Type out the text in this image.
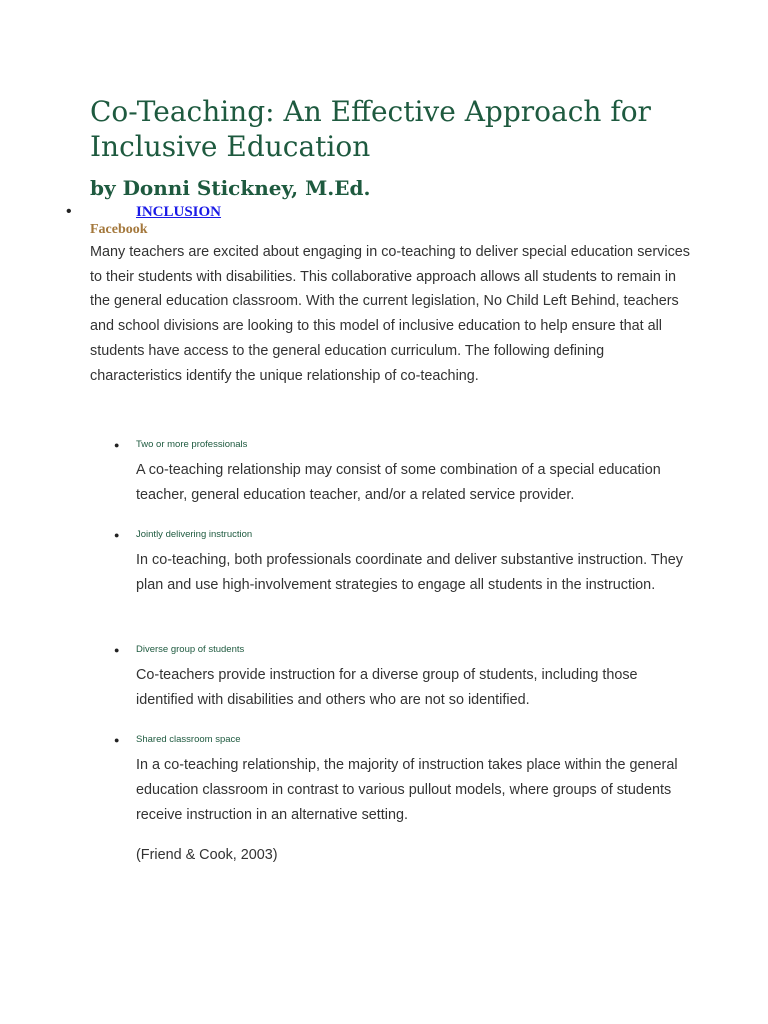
Co-Teaching: An Effective Approach for Inclusive Education
by Donni Stickney, M.Ed.
•	INCLUSION
Facebook

Many teachers are excited about engaging in co-teaching to deliver special education services to their students with disabilities. This collaborative approach allows all students to remain in the general education classroom. With the current legislation, No Child Left Behind, teachers and school divisions are looking to this model of inclusive education to help ensure that all students have access to the general education curriculum. The following defining characteristics identify the unique relationship of co-teaching.

● Two or more professionals

A co-teaching relationship may consist of some combination of a special education teacher, general education teacher, and/or a related service provider.

● Jointly delivering instruction

In co-teaching, both professionals coordinate and deliver substantive instruction. They plan and use high-involvement strategies to engage all students in the instruction.

● Diverse group of students

Co-teachers provide instruction for a diverse group of students, including those identified with disabilities and others who are not so identified.

● Shared classroom space

In a co-teaching relationship, the majority of instruction takes place within the general education classroom in contrast to various pullout models, where groups of students receive instruction in an alternative setting.

(Friend & Cook, 2003)
